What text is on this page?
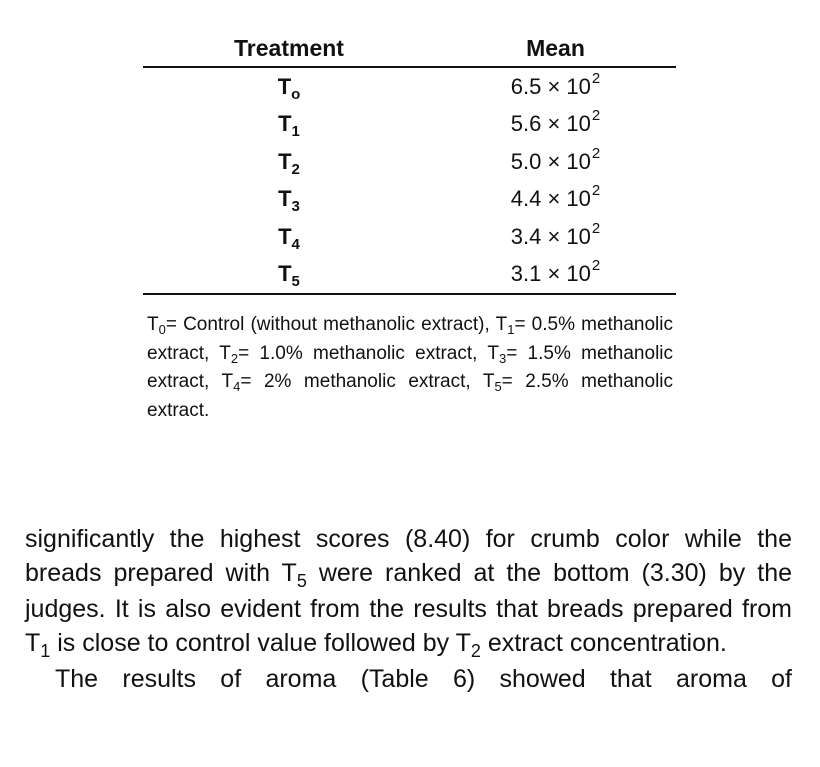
Treatment	Mean
$T_o$	$6.5 \times 10^2$
$T_1$	$5.6 \times 10^2$
$T_2$	$5.0 \times 10^2$
$T_3$	$4.4 \times 10^2$
$T_4$	$3.4 \times 10^2$
$T_5$	$3.1 \times 10^2$

$T_0=$ Control (without methanolic extract), $T_1= 0.5\%$ methanolic extract, $T_2= 1.0\%$ methanolic extract, $T_3= 1.5\%$ methanolic extract, $T_4= 2\%$ methanolic extract, $T_5= 2.5\%$ methanolic extract.

significantly the highest scores (8.40) for crumb color while the breads prepared with $T_5$ were ranked at the bottom (3.30) by the judges. It is also evident from the results that breads prepared from $T_1$ is close to control value followed by $T_2$ extract concentration.

The results of aroma (Table 6) showed that aroma of
